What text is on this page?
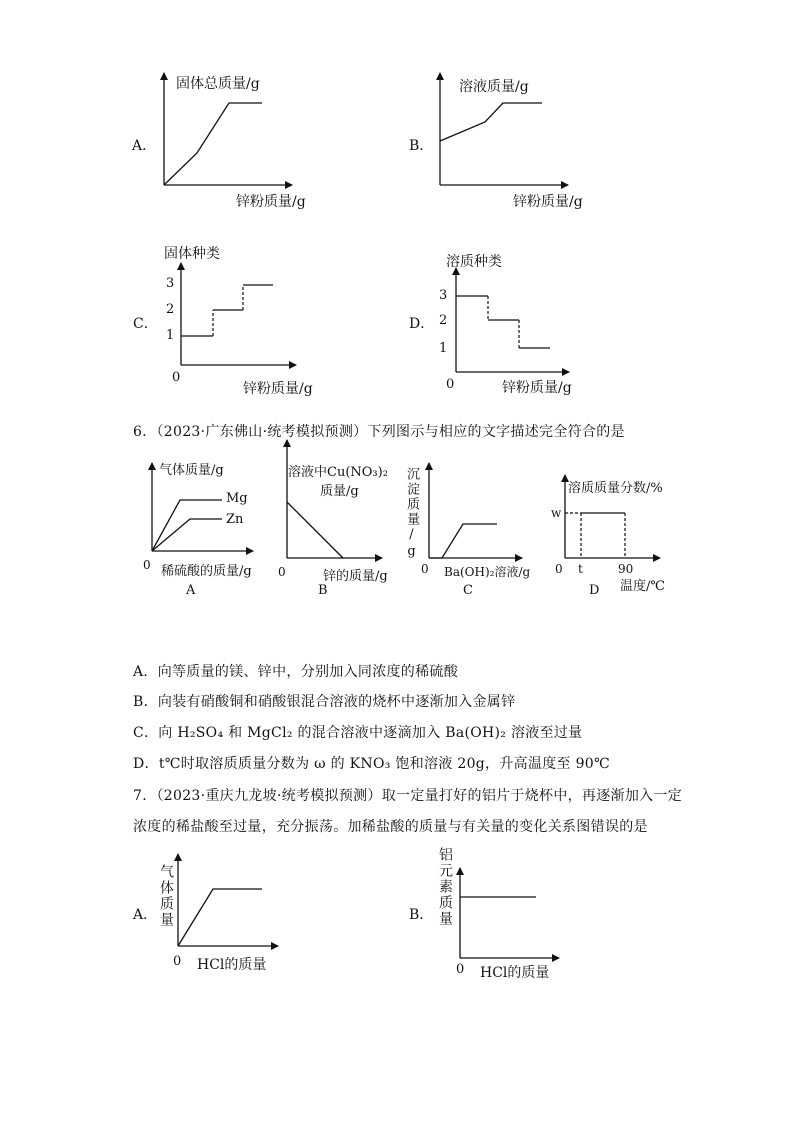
A．
固体总质量/g
锌粉质量/g
B．
溶液质量/g
锌粉质量/g
C．
固体种类
3
2
1
0
锌粉质量/g
D．
溶质种类
3
2
1
0	锌粉质量/g
6．（2023·广东佛山·统考模拟预测）下列图示与相应的文字描述完全符合的是
气体质量/g
Mg
Zn
0 稀硫酸的质量/g
A
溶液中Cu(NO₃)₂
质量/g
0	锌的质量/g
B
沉淀质量/g
0 Ba(OH)₂溶液/g
C
溶质质量分数/%
w
0 t	90
温度/℃
D
A．向等质量的镁、锌中，分别加入同浓度的稀硫酸
B．向装有硝酸铜和硝酸银混合溶液的烧杯中逐渐加入金属锌
C．向 H₂SO₄ 和 MgCl₂ 的混合溶液中逐滴加入 Ba(OH)₂ 溶液至过量
D．t℃时取溶质质量分数为 ω 的 KNO₃ 饱和溶液 20g，升高温度至 90℃
7．（2023·重庆九龙坡·统考模拟预测）取一定量打好的铝片于烧杯中，再逐渐加入一定
浓度的稀盐酸至过量，充分振荡。加稀盐酸的质量与有关量的变化关系图错误的是
A． 气体质量
0 HCl的质量
B． 铝元素质量
0 HCl的质量
